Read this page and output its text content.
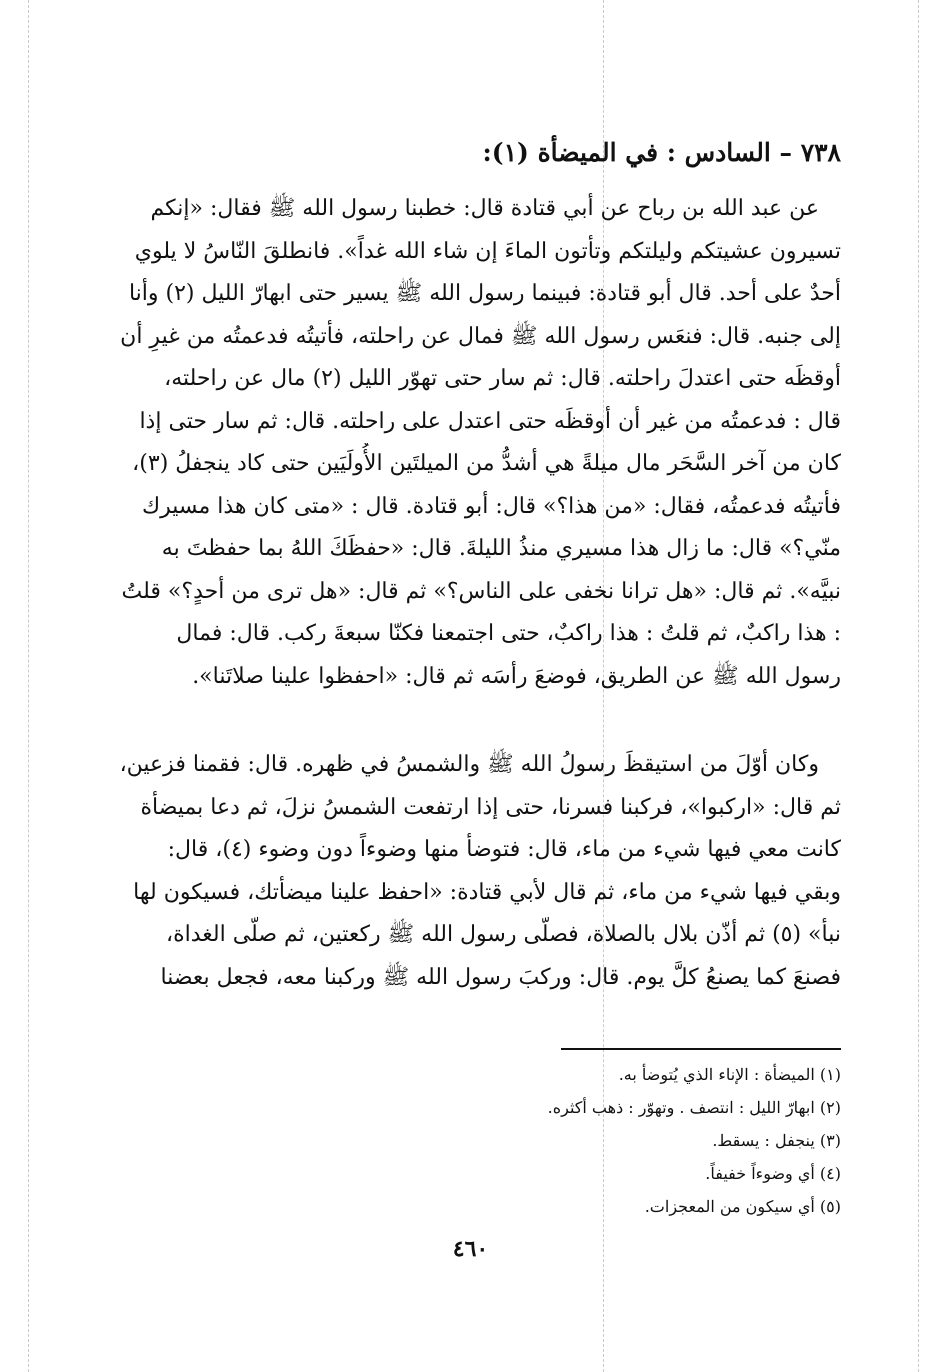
٧٣٨ – السادس : في الميضأة (١):
عن عبد الله بن رباح عن أبي قتادة قال: خطبنا رسول الله ﷺ فقال: «إنكم
تسيرون عشيتكم وليلتكم وتأتون الماءَ إن شاء الله غداً». فانطلقَ النّاسُ لا يلوي
أحدٌ على أحد. قال أبو قتادة: فبينما رسول الله ﷺ يسير حتى ابهارّ الليل (٢) وأنا
إلى جنبه. قال: فنعَس رسول الله ﷺ فمال عن راحلته، فأتيتُه فدعمتُه من غيرِ أن
أوقظَه حتى اعتدلَ راحلته. قال: ثم سار حتى تهوّر الليل (٢) مال عن راحلته،
قال : فدعمتُه من غير أن أوقظَه حتى اعتدل على راحلته. قال: ثم سار حتى إذا
كان من آخر السَّحَر مال ميلةً هي أشدُّ من الميلتَين الأُولَيَين حتى كاد ينجفلُ (٣)،
فأتيتُه فدعمتُه، فقال: «من هذا؟» قال: أبو قتادة. قال : «متى كان هذا مسيرك
منّي؟» قال: ما زال هذا مسيري منذُ الليلةَ. قال: «حفظَكَ اللهُ بما حفظتَ به
نبيَّه». ثم قال: «هل ترانا نخفى على الناس؟» ثم قال: «هل ترى من أحدٍ؟» قلتُ
: هذا راكبٌ، ثم قلتُ : هذا راكبٌ، حتى اجتمعنا فكنّا سبعةَ ركب. قال: فمال
رسول الله ﷺ عن الطريق، فوضعَ رأسَه ثم قال: «احفظوا علينا صلاتَنا».
وكان أوّلَ من استيقظَ رسولُ الله ﷺ والشمسُ في ظهره. قال: فقمنا فزعين،
ثم قال: «اركبوا»، فركبنا فسرنا، حتى إذا ارتفعت الشمسُ نزلَ، ثم دعا بميضأة
كانت معي فيها شيء من ماء، قال: فتوضأ منها وضوءاً دون وضوء (٤)، قال:
وبقي فيها شيء من ماء، ثم قال لأبي قتادة: «احفظ علينا ميضأتك، فسيكون لها
نبأ» (٥) ثم أذّن بلال بالصلاة، فصلّى رسول الله ﷺ ركعتين، ثم صلّى الغداة،
فصنعَ كما يصنعُ كلَّ يوم. قال: وركبَ رسول الله ﷺ وركبنا معه، فجعل بعضنا
(١) الميضأة : الإناء الذي يُتوضأ به.
(٢) ابهارّ الليل : انتصف . وتهوّر : ذهب أكثره.
(٣) ينجفل : يسقط.
(٤) أي وضوءاً خفيفاً.
(٥) أي سيكون من المعجزات.
٤٦٠
